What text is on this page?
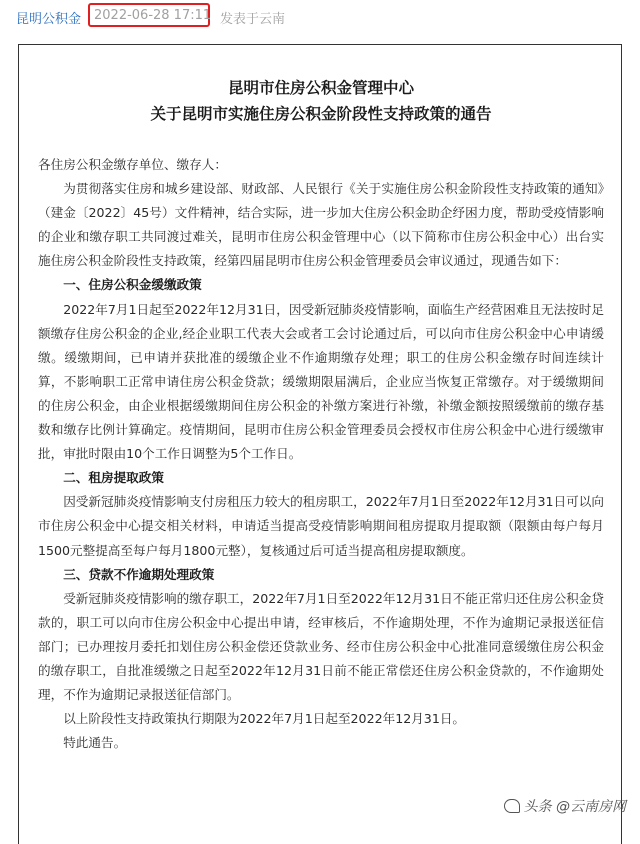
昆明公积金 2022-06-28 17:11 发表于云南
昆明市住房公积金管理中心
关于昆明市实施住房公积金阶段性支持政策的通告

各住房公积金缴存单位、缴存人：

为贯彻落实住房和城乡建设部、财政部、人民银行《关于实施住房公积金阶段性支持政策的通知》（建金〔2022〕45号）文件精神，结合实际，进一步加大住房公积金助企纾困力度，帮助受疫情影响的企业和缴存职工共同渡过难关，昆明市住房公积金管理中心（以下简称市住房公积金中心）出台实施住房公积金阶段性支持政策，经第四届昆明市住房公积金管理委员会审议通过，现通告如下：

一、住房公积金缓缴政策

2022年7月1日起至2022年12月31日，因受新冠肺炎疫情影响，面临生产经营困难且无法按时足额缴存住房公积金的企业,经企业职工代表大会或者工会讨论通过后，可以向市住房公积金中心申请缓缴。缓缴期间，已申请并获批准的缓缴企业不作逾期缴存处理；职工的住房公积金缴存时间连续计算，不影响职工正常申请住房公积金贷款；缓缴期限届满后，企业应当恢复正常缴存。对于缓缴期间的住房公积金，由企业根据缓缴期间住房公积金的补缴方案进行补缴，补缴金额按照缓缴前的缴存基数和缴存比例计算确定。疫情期间，昆明市住房公积金管理委员会授权市住房公积金中心进行缓缴审批，审批时限由10个工作日调整为5个工作日。

二、租房提取政策

因受新冠肺炎疫情影响支付房租压力较大的租房职工，2022年7月1日至2022年12月31日可以向市住房公积金中心提交相关材料，申请适当提高受疫情影响期间租房提取月提取额（限额由每户每月1500元整提高至每户每月1800元整），复核通过后可适当提高租房提取额度。

三、贷款不作逾期处理政策

受新冠肺炎疫情影响的缴存职工，2022年7月1日至2022年12月31日不能正常归还住房公积金贷款的，职工可以向市住房公积金中心提出申请，经审核后，不作逾期处理，不作为逾期记录报送征信部门；已办理按月委托扣划住房公积金偿还贷款业务、经市住房公积金中心批准同意缓缴住房公积金的缴存职工，自批准缓缴之日起至2022年12月31日前不能正常偿还住房公积金贷款的，不作逾期处理，不作为逾期记录报送征信部门。

以上阶段性支持政策执行期限为2022年7月1日起至2022年12月31日。

特此通告。

头条 @云南房网
